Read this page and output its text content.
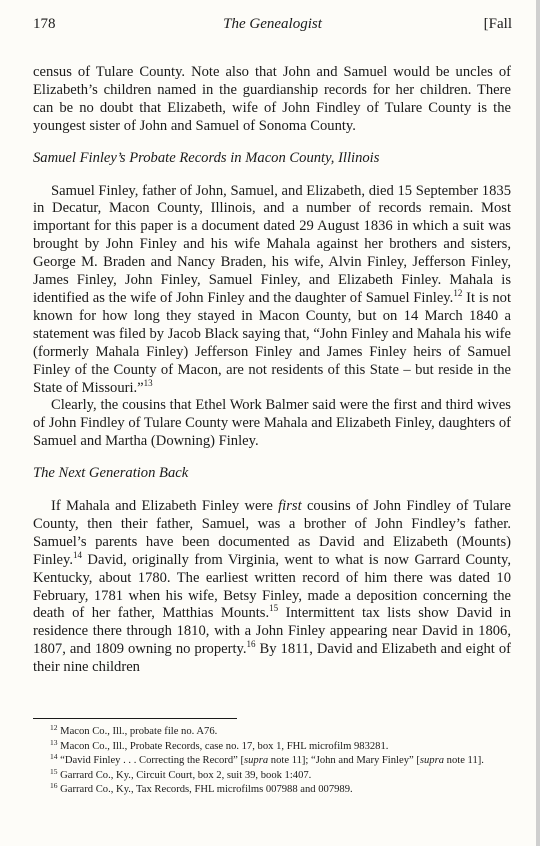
178	The Genealogist	[Fall

census of Tulare County. Note also that John and Samuel would be uncles of Elizabeth’s children named in the guardianship records for her children. There can be no doubt that Elizabeth, wife of John Findley of Tulare County is the youngest sister of John and Samuel of Sonoma County.

Samuel Finley’s Probate Records in Macon County, Illinois

Samuel Finley, father of John, Samuel, and Elizabeth, died 15 September 1835 in Decatur, Macon County, Illinois, and a number of records remain. Most important for this paper is a document dated 29 August 1836 in which a suit was brought by John Finley and his wife Mahala against her brothers and sisters, George M. Braden and Nancy Braden, his wife, Alvin Finley, Jefferson Finley, James Finley, John Finley, Samuel Finley, and Elizabeth Finley. Mahala is identified as the wife of John Finley and the daughter of Samuel Finley.$^{12}$ It is not known for how long they stayed in Macon County, but on 14 March 1840 a statement was filed by Jacob Black saying that, “John Finley and Mahala his wife (formerly Mahala Finley) Jefferson Finley and James Finley heirs of Samuel Finley of the County of Macon, are not residents of this State – but reside in the State of Missouri.”$^{13}$

Clearly, the cousins that Ethel Work Balmer said were the first and third wives of John Findley of Tulare County were Mahala and Elizabeth Finley, daughters of Samuel and Martha (Downing) Finley.

The Next Generation Back

If Mahala and Elizabeth Finley were first cousins of John Findley of Tulare County, then their father, Samuel, was a brother of John Findley’s father. Samuel’s parents have been documented as David and Elizabeth (Mounts) Finley.$^{14}$ David, originally from Virginia, went to what is now Garrard County, Kentucky, about 1780. The earliest written record of him there was dated 10 February, 1781 when his wife, Betsy Finley, made a deposition concerning the death of her father, Matthias Mounts.$^{15}$ Intermittent tax lists show David in residence there through 1810, with a John Finley appearing near David in 1806, 1807, and 1809 owning no property.$^{16}$ By 1811, David and Elizabeth and eight of their nine children

$^{12}$ Macon Co., Ill., probate file no. A76.
$^{13}$ Macon Co., Ill., Probate Records, case no. 17, box 1, FHL microfilm 983281.
$^{14}$ “David Finley . . . Correcting the Record” [supra note 11]; “John and Mary Finley” [supra note 11].
$^{15}$ Garrard Co., Ky., Circuit Court, box 2, suit 39, book 1:407.
$^{16}$ Garrard Co., Ky., Tax Records, FHL microfilms 007988 and 007989.
